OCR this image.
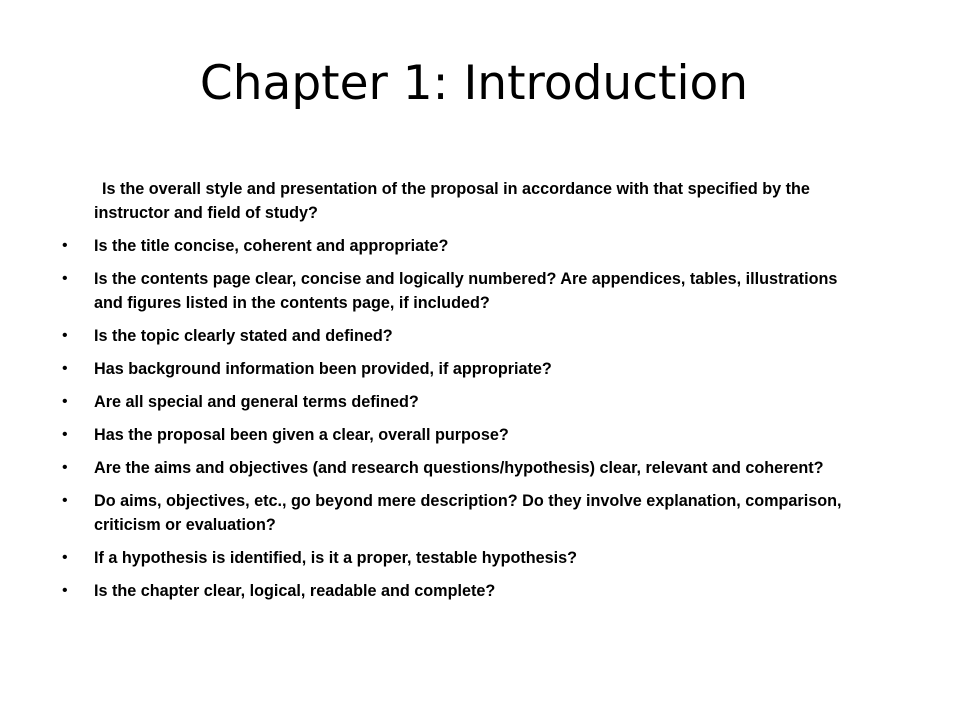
Chapter 1: Introduction
Is the overall style and presentation of the proposal in accordance with that specified by the instructor and field of study?
•	Is the title concise, coherent and appropriate?
•	Is the contents page clear, concise and logically numbered? Are appendices, tables, illustrations and figures listed in the contents page, if included?
•	Is the topic clearly stated and defined?
•	Has background information been provided, if appropriate?
•	Are all special and general terms defined?
•	Has the proposal been given a clear, overall purpose?
•	Are the aims and objectives (and research questions/hypothesis) clear, relevant and coherent?
•	Do aims, objectives, etc., go beyond mere description? Do they involve explanation, comparison, criticism or evaluation?
•	If a hypothesis is identified, is it a proper, testable hypothesis?
•	Is the chapter clear, logical, readable and complete?
